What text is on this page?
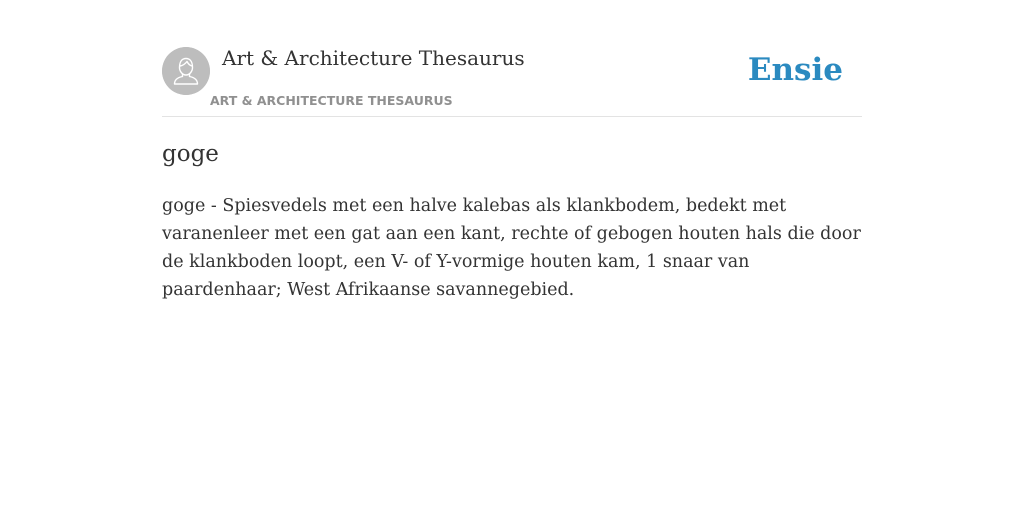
Art & Architecture Thesaurus
ART & ARCHITECTURE THESAURUS
Ensie
goge

goge - Spiesvedels met een halve kalebas als klankbodem, bedekt met varanenleer met een gat aan een kant, rechte of gebogen houten hals die door de klankboden loopt, een V- of Y-vormige houten kam, 1 snaar van paardenhaar; West Afrikaanse savannegebied.
